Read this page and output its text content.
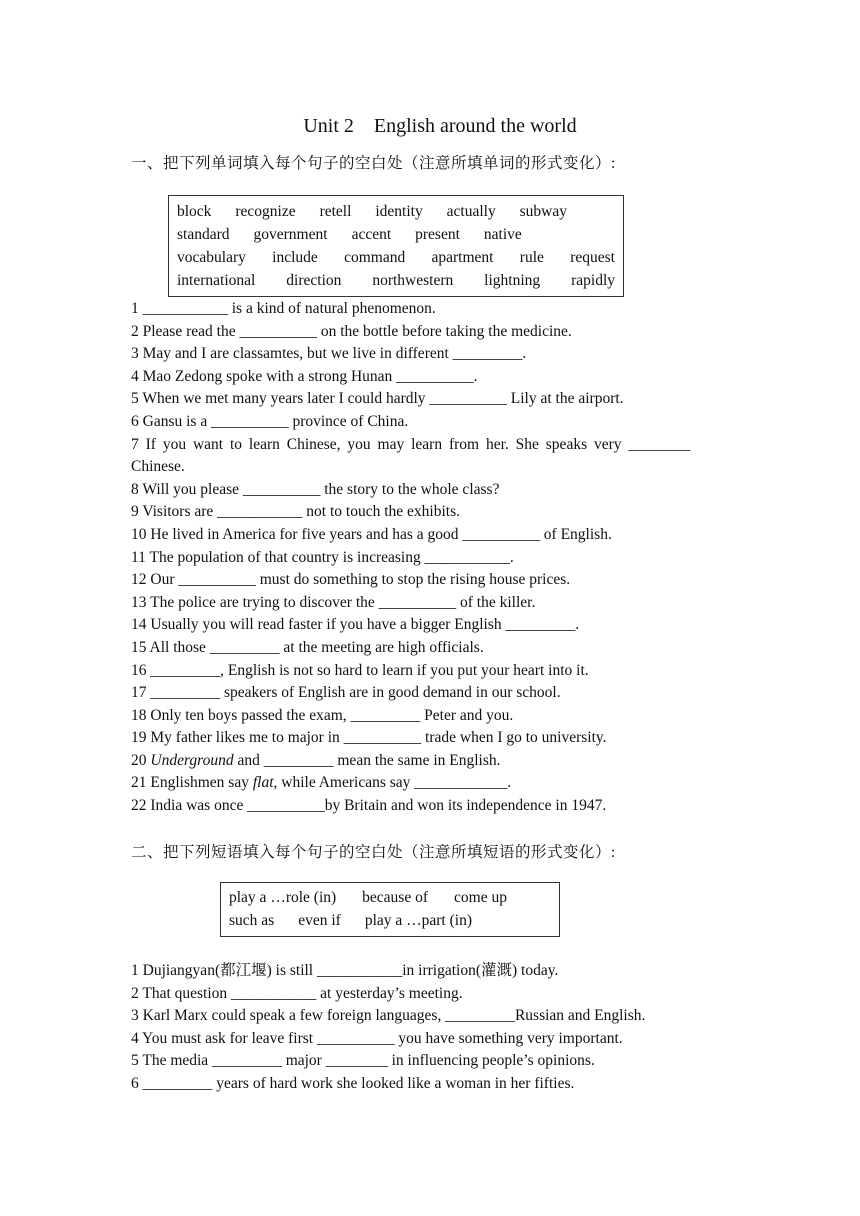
Unit 2    English around the world
一、把下列单词填入每个句子的空白处（注意所填单词的形式变化）:
block recognize retell identity actually subway
standard government accent present native
vocabulary include command apartment rule request
international direction northwestern lightning rapidly
1 ___________ is a kind of natural phenomenon.
2 Please read the __________ on the bottle before taking the medicine.
3 May and I are classamtes, but we live in different _________.
4 Mao Zedong spoke with a strong Hunan __________.
5 When we met many years later I could hardly __________ Lily at the airport.
6 Gansu is a __________ province of China.
7 If you want to learn Chinese, you may learn from her. She speaks very ________
Chinese.
8 Will you please __________ the story to the whole class?
9 Visitors are ___________ not to touch the exhibits.
10 He lived in America for five years and has a good __________ of English.
11 The population of that country is increasing ___________.
12 Our __________ must do something to stop the rising house prices.
13 The police are trying to discover the __________ of the killer.
14 Usually you will read faster if you have a bigger English _________.
15 All those _________ at the meeting are high officials.
16 _________, English is not so hard to learn if you put your heart into it.
17 _________ speakers of English are in good demand in our school.
18 Only ten boys passed the exam, _________ Peter and you.
19 My father likes me to major in __________ trade when I go to university.
20 Underground and _________ mean the same in English.
21 Englishmen say flat, while Americans say ____________.
22 India was once __________by Britain and won its independence in 1947.
二、把下列短语填入每个句子的空白处（注意所填短语的形式变化）:
play a …role (in) because of come up
such as even if play a …part (in)
1 Dujiangyan(都江堰) is still ___________in irrigation(灌溉) today.
2 That question ___________ at yesterday’s meeting.
3 Karl Marx could speak a few foreign languages, _________Russian and English.
4 You must ask for leave first __________ you have something very important.
5 The media _________ major ________ in influencing people’s opinions.
6 _________ years of hard work she looked like a woman in her fifties.
